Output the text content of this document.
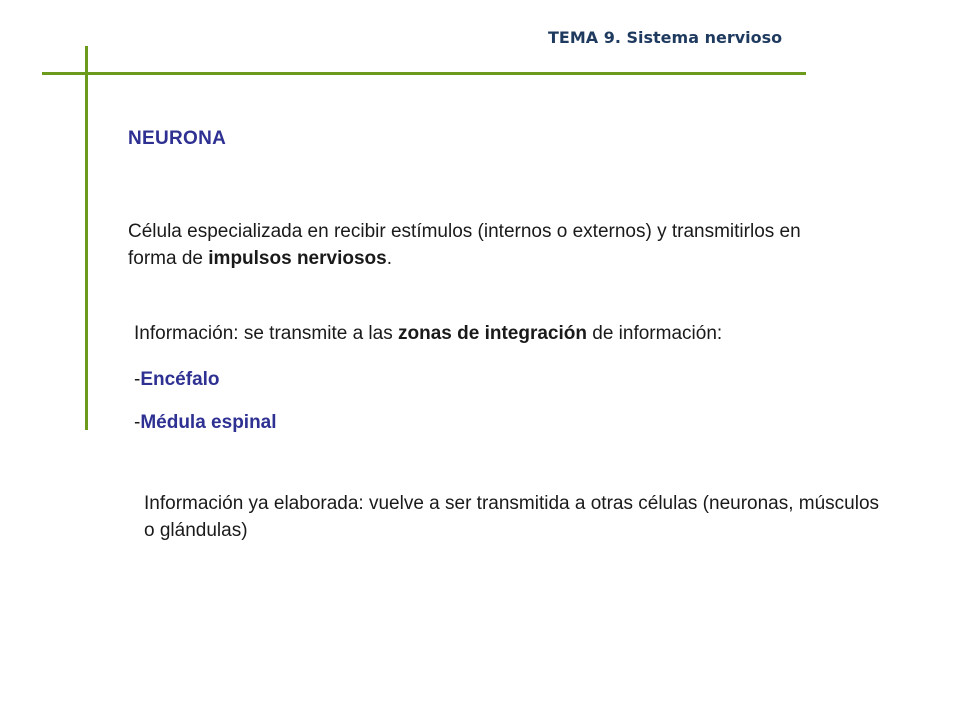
TEMA 9. Sistema nervioso
NEURONA
Célula especializada en recibir estímulos (internos o externos) y transmitirlos en forma de impulsos nerviosos.
Información: se transmite a las zonas de integración de información:
-Encéfalo
-Médula espinal
Información ya elaborada: vuelve a ser transmitida a otras células (neuronas, músculos o glándulas)
